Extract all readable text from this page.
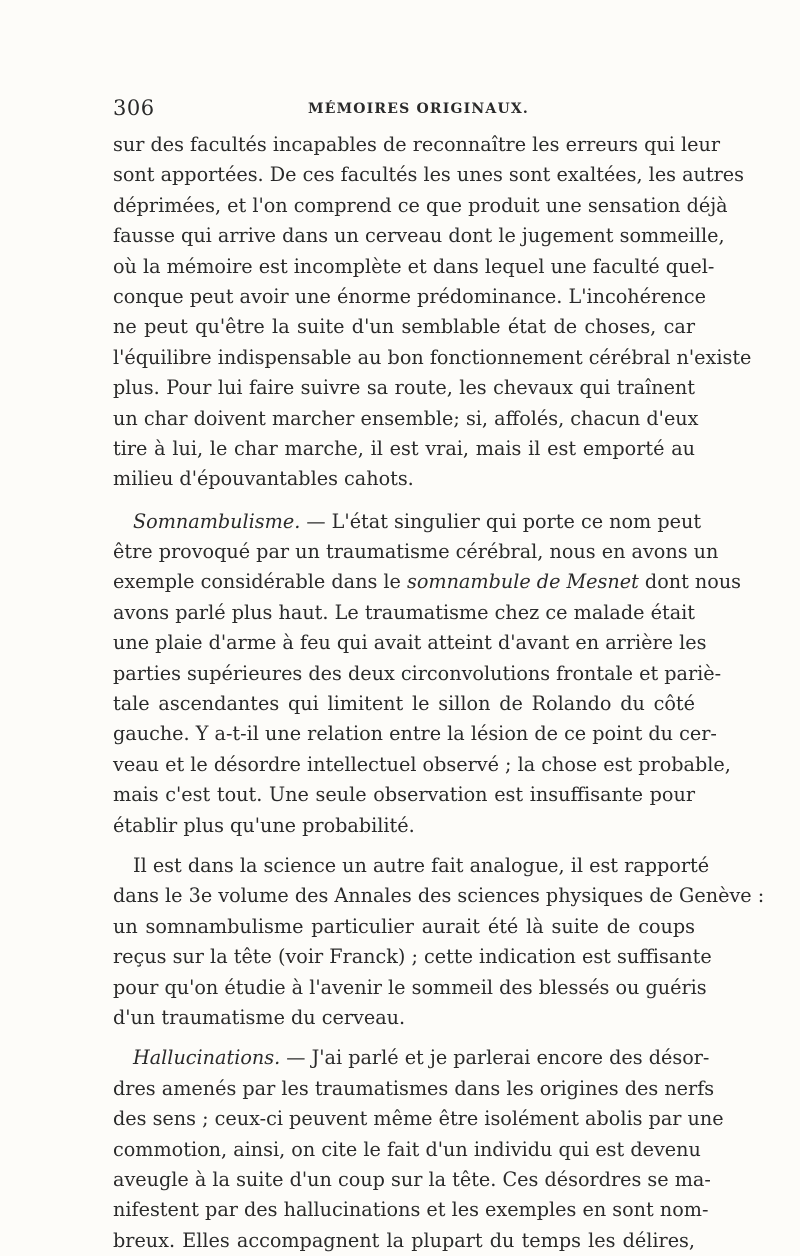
306	MÉMOIRES ORIGINAUX.
sur des facultés incapables de reconnaître les erreurs qui leur
sont apportées. De ces facultés les unes sont exaltées, les autres
déprimées, et l'on comprend ce que produit une sensation déjà
fausse qui arrive dans un cerveau dont le jugement sommeille,
où la mémoire est incomplète et dans lequel une faculté quel-
conque peut avoir une énorme prédominance. L'incohérence
ne peut qu'être la suite d'un semblable état de choses, car
l'équilibre indispensable au bon fonctionnement cérébral n'existe
plus. Pour lui faire suivre sa route, les chevaux qui traînent
un char doivent marcher ensemble; si, affolés, chacun d'eux
tire à lui, le char marche, il est vrai, mais il est emporté au
milieu d'épouvantables cahots.
Somnambulisme. — L'état singulier qui porte ce nom peut
être provoqué par un traumatisme cérébral, nous en avons un
exemple considérable dans le somnambule de Mesnet dont nous
avons parlé plus haut. Le traumatisme chez ce malade était
une plaie d'arme à feu qui avait atteint d'avant en arrière les
parties supérieures des deux circonvolutions frontale et pariè-
tale ascendantes qui limitent le sillon de Rolando du côté
gauche. Y a-t-il une relation entre la lésion de ce point du cer-
veau et le désordre intellectuel observé ; la chose est probable,
mais c'est tout. Une seule observation est insuffisante pour
établir plus qu'une probabilité.
Il est dans la science un autre fait analogue, il est rapporté
dans le 3e volume des Annales des sciences physiques de Genève :
un somnambulisme particulier aurait été là suite de coups
reçus sur la tête (voir Franck) ; cette indication est suffisante
pour qu'on étudie à l'avenir le sommeil des blessés ou guéris
d'un traumatisme du cerveau.
Hallucinations. — J'ai parlé et je parlerai encore des désor-
dres amenés par les traumatismes dans les origines des nerfs
des sens ; ceux-ci peuvent même être isolément abolis par une
commotion, ainsi, on cite le fait d'un individu qui est devenu
aveugle à la suite d'un coup sur la tête. Ces désordres se ma-
nifestent par des hallucinations et les exemples en sont nom-
breux. Elles accompagnent la plupart du temps les délires,
